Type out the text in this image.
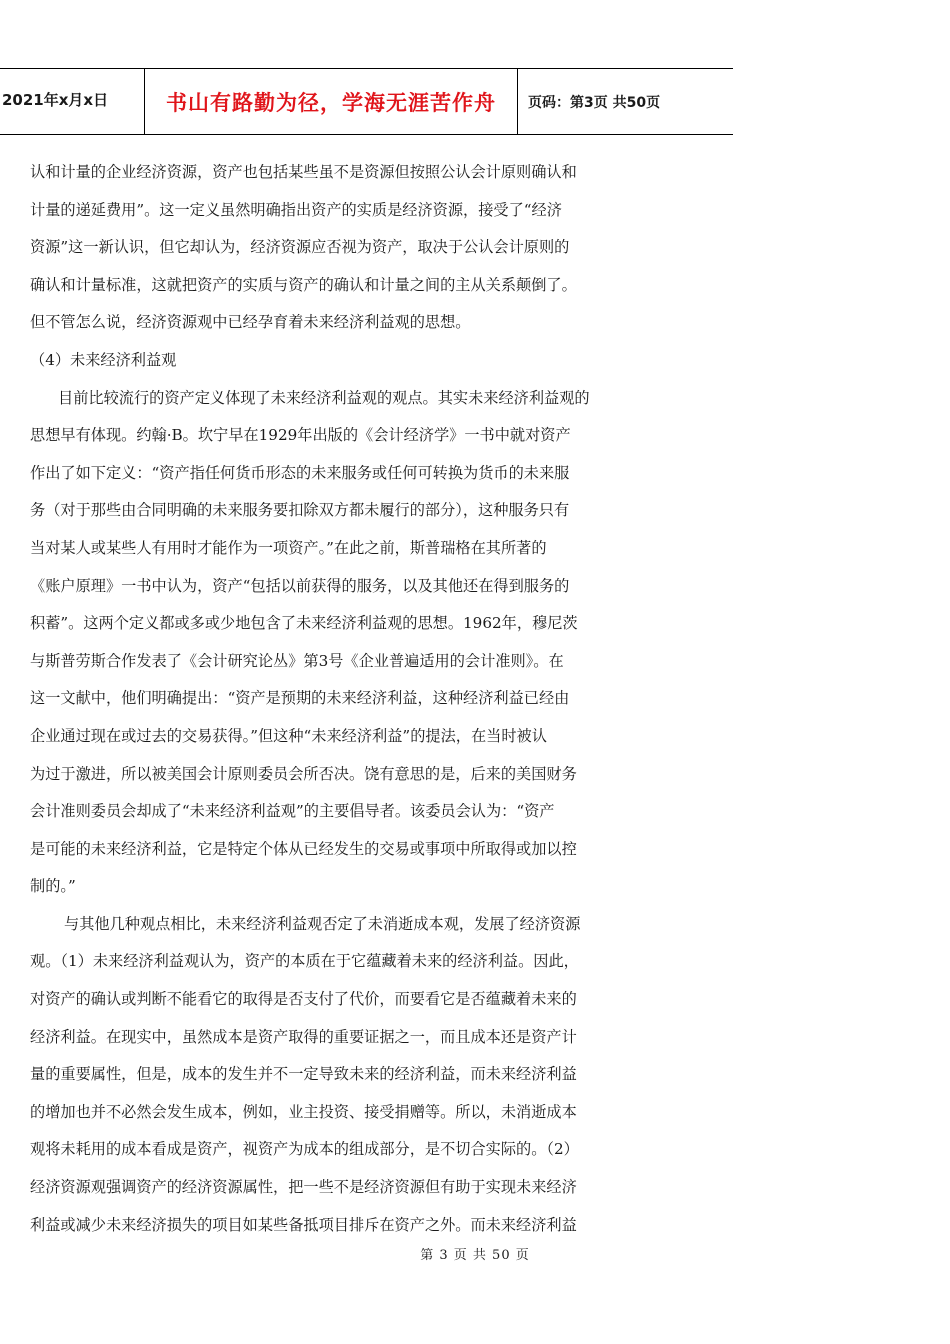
2021年x月x日	书山有路勤为径，学海无涯苦作舟	页码：第3页 共50页

认和计量的企业经济资源，资产也包括某些虽不是资源但按照公认会计原则确认和

计量的递延费用”。这一定义虽然明确指出资产的实质是经济资源，接受了“经济

资源”这一新认识，但它却认为，经济资源应否视为资产，取决于公认会计原则的

确认和计量标准，这就把资产的实质与资产的确认和计量之间的主从关系颠倒了。

但不管怎么说，经济资源观中已经孕育着未来经济利益观的思想。

（4）未来经济利益观

目前比较流行的资产定义体现了未来经济利益观的观点。其实未来经济利益观的

思想早有体现。约翰·B。坎宁早在1929年出版的《会计经济学》一书中就对资产

作出了如下定义：“资产指任何货币形态的未来服务或任何可转换为货币的未来服

务（对于那些由合同明确的未来服务要扣除双方都未履行的部分），这种服务只有

当对某人或某些人有用时才能作为一项资产。”在此之前，斯普瑞格在其所著的

《账户原理》一书中认为，资产“包括以前获得的服务，以及其他还在得到服务的

积蓄”。这两个定义都或多或少地包含了未来经济利益观的思想。1962年，穆尼茨

与斯普劳斯合作发表了《会计研究论丛》第3号《企业普遍适用的会计准则》。在

这一文献中，他们明确提出：“资产是预期的未来经济利益，这种经济利益已经由

企业通过现在或过去的交易获得。”但这种“未来经济利益”的提法，在当时被认

为过于激进，所以被美国会计原则委员会所否决。饶有意思的是，后来的美国财务

会计准则委员会却成了“未来经济利益观”的主要倡导者。该委员会认为：“资产

是可能的未来经济利益，它是特定个体从已经发生的交易或事项中所取得或加以控

制的。”

与其他几种观点相比，未来经济利益观否定了未消逝成本观，发展了经济资源

观。（1）未来经济利益观认为，资产的本质在于它蕴藏着未来的经济利益。因此，

对资产的确认或判断不能看它的取得是否支付了代价，而要看它是否蕴藏着未来的

经济利益。在现实中，虽然成本是资产取得的重要证据之一，而且成本还是资产计

量的重要属性，但是，成本的发生并不一定导致未来的经济利益，而未来经济利益

的增加也并不必然会发生成本，例如，业主投资、接受捐赠等。所以，未消逝成本

观将未耗用的成本看成是资产，视资产为成本的组成部分，是不切合实际的。（2）

经济资源观强调资产的经济资源属性，把一些不是经济资源但有助于实现未来经济

利益或减少未来经济损失的项目如某些备抵项目排斥在资产之外。而未来经济利益

第 3 页 共 50 页
